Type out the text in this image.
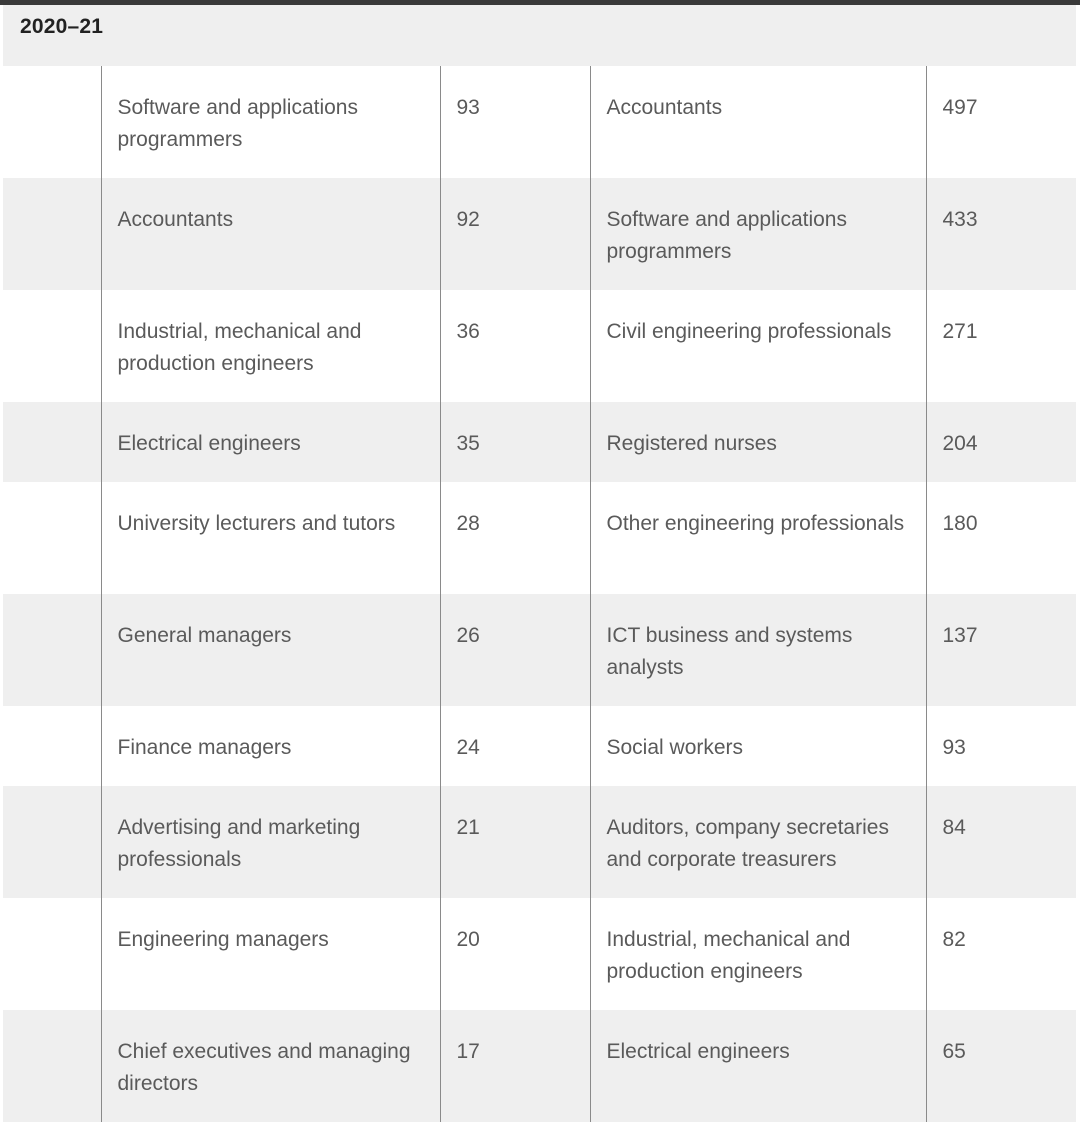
2020–21
	Software and applications programmers	93	Accountants	497
	Accountants	92	Software and applications programmers	433
	Industrial, mechanical and production engineers	36	Civil engineering professionals	271
	Electrical engineers	35	Registered nurses	204
	University lecturers and tutors	28	Other engineering professionals	180
	General managers	26	ICT business and systems analysts	137
	Finance managers	24	Social workers	93
	Advertising and marketing professionals	21	Auditors, company secretaries and corporate treasurers	84
	Engineering managers	20	Industrial, mechanical and production engineers	82
	Chief executives and managing directors	17	Electrical engineers	65
